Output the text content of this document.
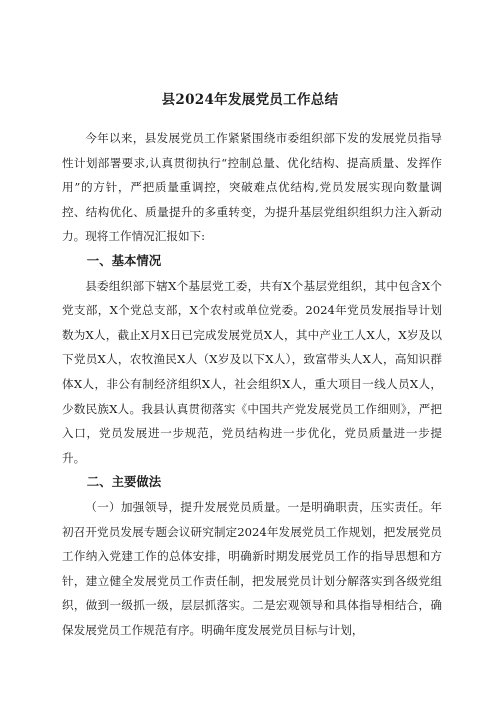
县2024年发展党员工作总结

今年以来，县发展党员工作紧紧围绕市委组织部下发的发展党员指导性计划部署要求,认真贯彻执行“控制总量、优化结构、提高质量、发挥作用”的方针，严把质量重调控，突破难点优结构,党员发展实现向数量调控、结构优化、质量提升的多重转变，为提升基层党组织组织力注入新动力。现将工作情况汇报如下:

一、基本情况

县委组织部下辖X个基层党工委，共有X个基层党组织，其中包含X个党支部，X个党总支部，X个农村或单位党委。2024年党员发展指导计划数为X人，截止X月X日已完成发展党员X人，其中产业工人X人，X岁及以下党员X人，农牧渔民X人（X岁及以下X人），致富带头人X人，高知识群体X人，非公有制经济组织X人，社会组织X人，重大项目一线人员X人，少数民族X人。我县认真贯彻落实《中国共产党发展党员工作细则》，严把入口，党员发展进一步规范，党员结构进一步优化，党员质量进一步提升。

二、主要做法

（一）加强领导，提升发展党员质量。一是明确职责，压实责任。年初召开党员发展专题会议研究制定2024年发展党员工作规划，把发展党员工作纳入党建工作的总体安排，明确新时期发展党员工作的指导思想和方针，建立健全发展党员工作责任制，把发展党员计划分解落实到各级党组织，做到一级抓一级，层层抓落实。二是宏观领导和具体指导相结合，确保发展党员工作规范有序。明确年度发展党员目标与计划，
